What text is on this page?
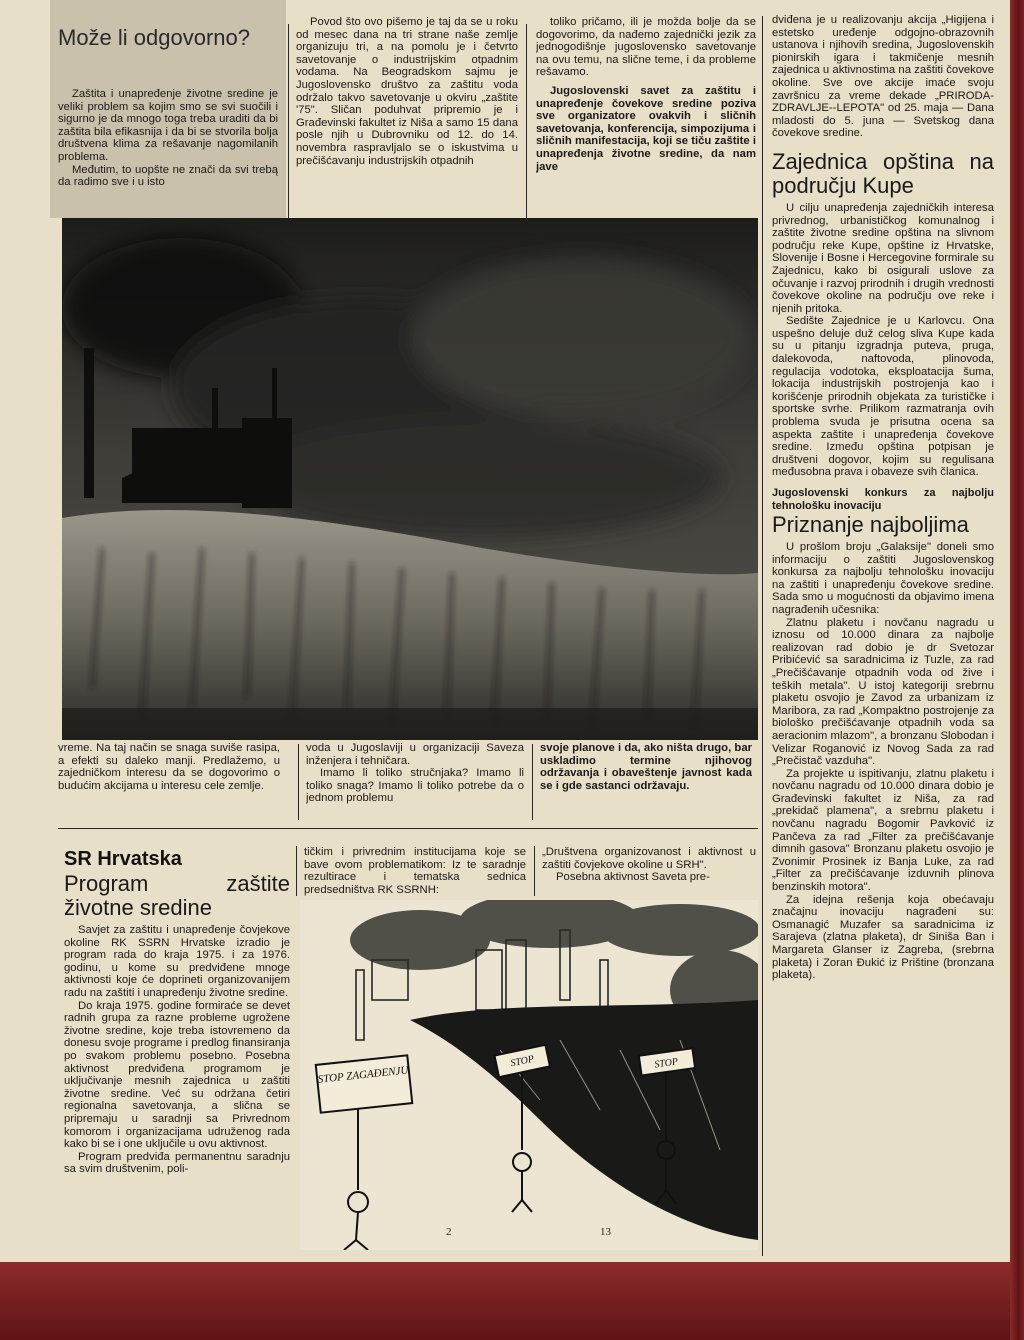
Može li odgovorno?

Zaštita i unapređenje životne sredine je veliki problem sa kojim smo se svi suočili i sigurno je da mnogo toga treba uraditi da bi zaštita bila efikasnija i da bi se stvorila bolja društvena klima za rešavanje nagomilanih problema.

Međutim, to uopšte ne znači da svi trebą da radimo sve i u isto

Povod što ovo pišemo je taj da se u roku od mesec dana na tri strane naše zemlje organizuju tri, a na pomolu je i četvrto savetovanje o industrijskim otpadnim vodama. Na Beogradskom sajmu je Jugoslovensko društvo za zaštitu voda održalo takvo savetovanje u okviru „zaštite '75". Sličan poduhvat pripremio je i Građevinski fakultet iz Niša a samo 15 dana posle njih u Dubrovniku od 12. do 14. novembra raspravljalo se o iskustvima u prečišćavanju industrijskih otpadnih

toliko pričamo, ili je možda bolje da se dogovorimo, da nađemo zajednički jezik za jednogodišnje jugoslovensko savetovanje na ovu temu, na slične teme, i da probleme rešavamo.

Jugoslovenski savet za zaštitu i unapređenje čovekove sredine poziva sve organizatore ovakvih i sličnih savetovanja, konferencija, simpozijuma i sličnih manifestacija, koji se tiču zaštite i unapređenja životne sredine, da nam jave

vreme. Na taj način se snaga suviše rasipa, a efekti su daleko manji. Predlažemo, u zajedničkom interesu da se dogovorimo o budućim akcijama u interesu cele zemlje.

voda u Jugoslaviji u organizaciji Saveza inženjera i tehničara.

Imamo li toliko stručnjaka? Imamo li toliko snaga? Imamo li toliko potrebe da o jednom problemu

svoje planove i da, ako ništa drugo, bar uskladimo termine njihovog održavanja i obaveštenje javnost kada se i gde sastanci održavaju.

dviđena je u realizovanju akcija „Higijena i estetsko uređenje odgojno-obrazovnih ustanova i njihovih sredina, Jugoslovenskih pionirskih igara i takmičenje mesnih zajednica u aktivnostima na zaštiti čovekove okoline. Sve ove akcije imaće svoju završnicu za vreme dekade „PRIRODA-ZDRAVLJE--LEPOTA" od 25. maja — Dana mladosti do 5. juna — Svetskog dana čovekove sredine.

Zajednica opština na području Kupe

U cilju unapređenja zajedničkih interesa privrednog, urbanističkog komunalnog i zaštite životne sredine opština na slivnom području reke Kupe, opštine iz Hrvatske, Slovenije i Bosne i Hercegovine formirale su Zajednicu, kako bi osigurali uslove za očuvanje i razvoj prirodnih i drugih vrednosti čovekove okoline na području ove reke i njenih pritoka.

Sedište Zajednice je u Karlovcu. Ona uspešno deluje duž celog sliva Kupe kada su u pitanju izgradnja puteva, pruga, dalekovoda, naftovoda, plinovoda, regulacija vodotoka, eksploatacija šuma, lokacija industrijskih postrojenja kao i korišćenje prirodnih objekata za turističke i sportske svrhe. Prilikom razmatranja ovih problema svuda je prisutna ocena sa aspekta zaštite i unapređenja čovekove sredine. Između opština potpisan je društveni dogovor, kojim su regulisana međusobna prava i obaveze svih članica.

Jugoslovenski konkurs za najbolju tehnološku inovaciju

Priznanje najboljima

U prošlom broju „Galaksije" doneli smo informaciju o zaštiti Jugoslovenskog konkursa za najbolju tehnološku inovaciju na zaštiti i unapređenju čovekove sredine. Sada smo u mogućnosti da objavimo imena nagrađenih učesnika:

Zlatnu plaketu i novčanu nagradu u iznosu od 10.000 dinara za najbolje realizovan rad dobio je dr Svetozar Pribićević sa saradnicima iz Tuzle, za rad „Prečišćavanje otpadnih voda od žive i teških metala". U istoj kategoriji srebrnu plaketu osvojio je Zavod za urbanizam iz Maribora, za rad „Kompaktno postrojenje za biološko prečišćavanje otpadnih voda sa aeracionim mlazom", a bronzanu Slobodan i Velizar Roganović iz Novog Sada za rad „Prečistač vazduha".

Za projekte u ispitivanju, zlatnu plaketu i novčanu nagradu od 10.000 dinara dobio je Građevinski fakultet iz Niša, za rad „prekidač plamena", a srebrnu plaketu i novčanu nagradu Bogomir Pavković iz Pančeva za rad „Filter za prečišćavanje dimnih gasova" Bronzanu plaketu osvojio je Zvonimir Prosinek iz Banja Luke, za rad „Filter za prečišćavanje izduvnih plinova benzinskih motora".

Za idejna rešenja koja obećavaju značajnu inovaciju nagrađeni su: Osmanagić Muzafer sa saradnicima iz Sarajeva (zlatna plaketa), dr Siniša Ban i Margareta Glanser iz Zagreba, (srebrna plaketa) i Zoran Đukić iz Prištine (bronzana plaketa).

SR Hrvatska

Program zaštite životne sredine

Savjet za zaštitu i unapređenje čovjekove okoline RK SSRN Hrvatske izradio je program rada do kraja 1975. i za 1976. godinu, u kome su predviđene mnoge aktivnosti koje će doprineti organizovanijem radu na zaštiti i unapređenju životne sredine.

Do kraja 1975. godine formiraće se devet radnih grupa za razne probleme ugrožene životne sredine, koje treba istovremeno da donesu svoje programe i predlog finansiranja po svakom problemu posebno. Posebna aktivnost predviđena programom je uključivanje mesnih zajednica u zaštiti životne sredine. Već su održana četiri regionalna savetovanja, a slična se pripremaju u saradnji sa Privrednom komorom i organizacijama udruženog rada kako bi se i one uključile u ovu aktivnost.

Program predviđa permanentnu saradnju sa svim društvenim, poli-

tičkim i privrednim institucijama koje se bave ovom problematikom: Iz te saradnje rezultirace i tematska sednica predsedništva RK SSRNH:

„Društvena organizovanost i aktivnost u zaštiti čovjekove okoline u SRH".

Posebna aktivnost Saveta pre-

STOP ZAGAĐENJU
STOP	STOP
2	13
